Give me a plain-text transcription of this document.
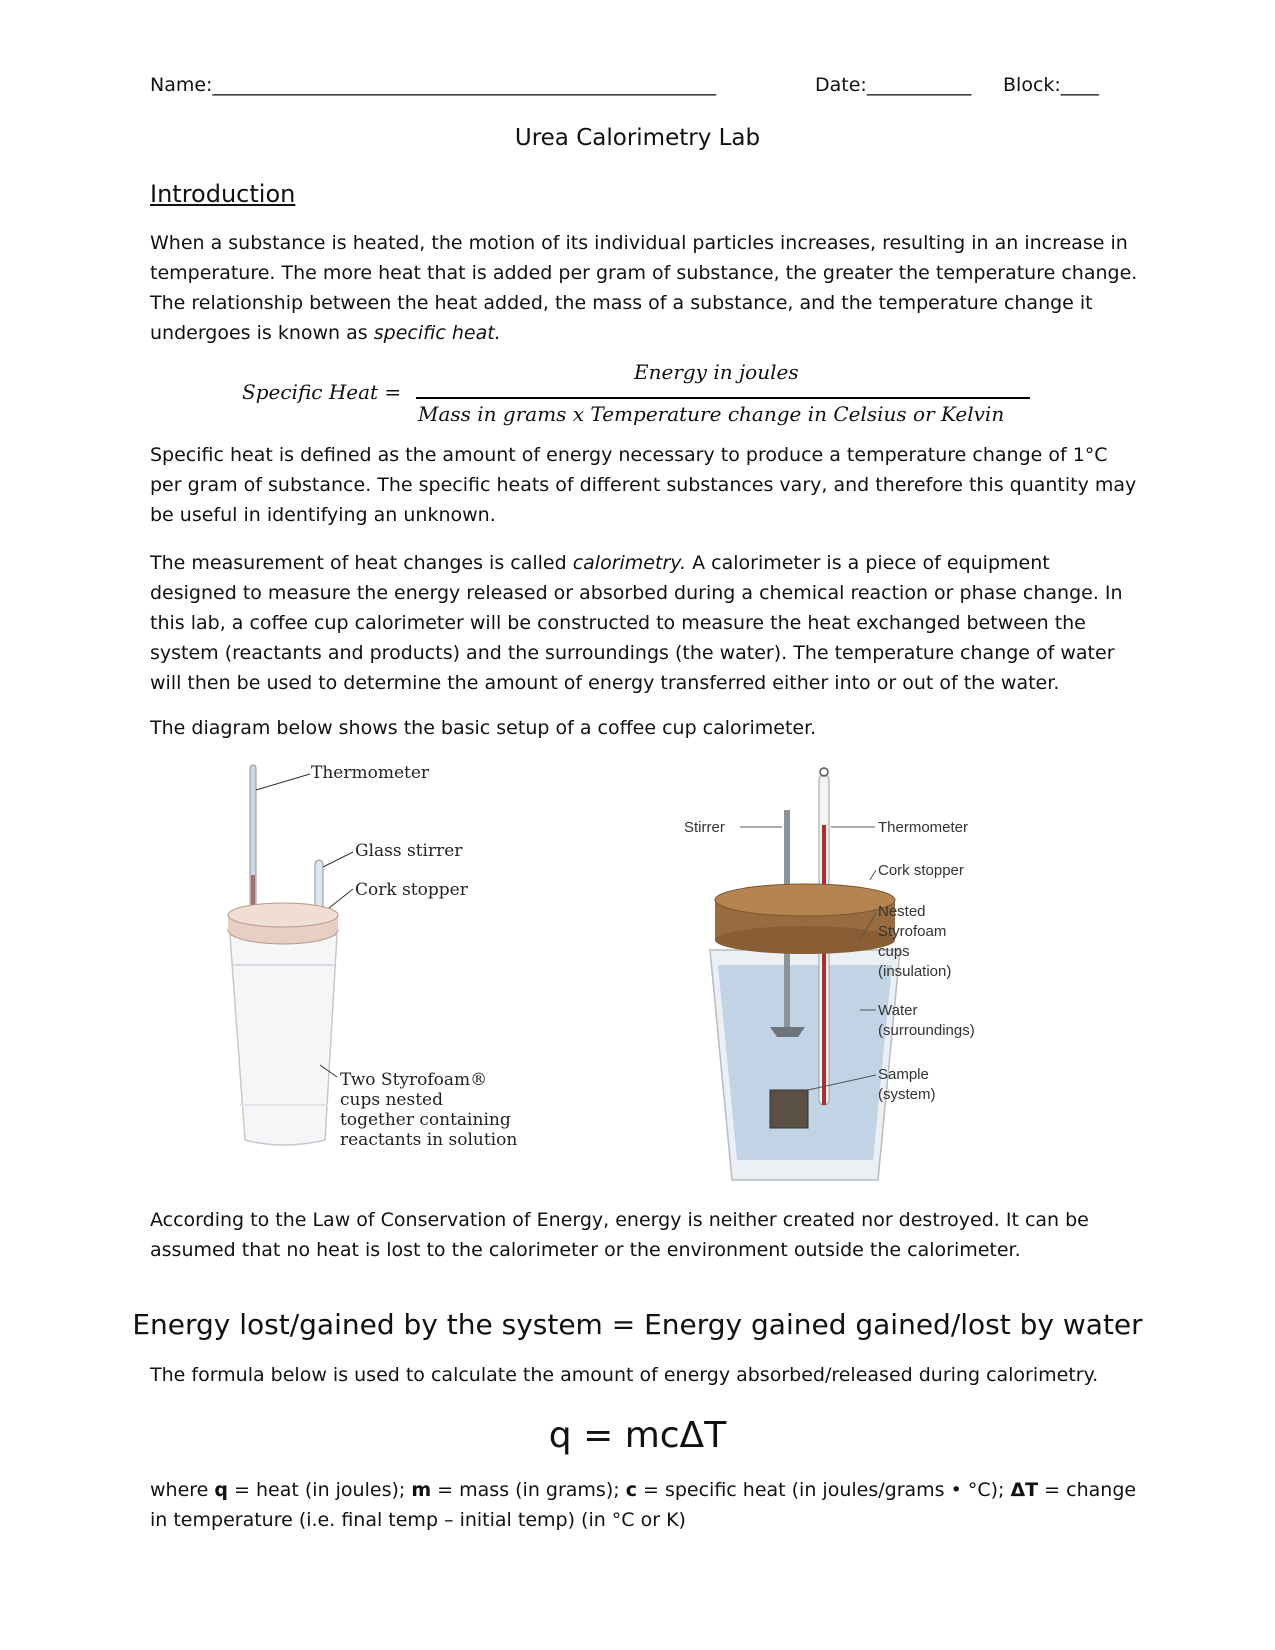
Name:_____________________________________________________	Date:___________ Block:____
Urea Calorimetry Lab
Introduction

When a substance is heated, the motion of its individual particles increases, resulting in an increase in temperature. The more heat that is added per gram of substance, the greater the temperature change. The relationship between the heat added, the mass of a substance, and the temperature change it undergoes is known as specific heat.

Specific Heat =
Energy in joules
Mass in grams x Temperature change in Celsius or Kelvin

Specific heat is defined as the amount of energy necessary to produce a temperature change of 1°C per gram of substance. The specific heats of different substances vary, and therefore this quantity may be useful in identifying an unknown.

The measurement of heat changes is called calorimetry. A calorimeter is a piece of equipment designed to measure the energy released or absorbed during a chemical reaction or phase change. In this lab, a coffee cup calorimeter will be constructed to measure the heat exchanged between the system (reactants and products) and the surroundings (the water). The temperature change of water will then be used to determine the amount of energy transferred either into or out of the water.

The diagram below shows the basic setup of a coffee cup calorimeter.

Thermometer
Glass stirrer
Cork stopper
Two Styrofoam®
cups nested
together containing
reactants in solution
Stirrer	Thermometer
Cork stopper
Nested
Styrofoam
cups
(insulation)
Water
(surroundings)
Sample
(system)

According to the Law of Conservation of Energy, energy is neither created nor destroyed. It can be assumed that no heat is lost to the calorimeter or the environment outside the calorimeter.

Energy lost/gained by the system = Energy gained gained/lost by water

The formula below is used to calculate the amount of energy absorbed/released during calorimetry.

q = mcΔT

where q = heat (in joules); m = mass (in grams); c = specific heat (in joules/grams • °C); ΔT = change in temperature (i.e. final temp – initial temp) (in °C or K)
